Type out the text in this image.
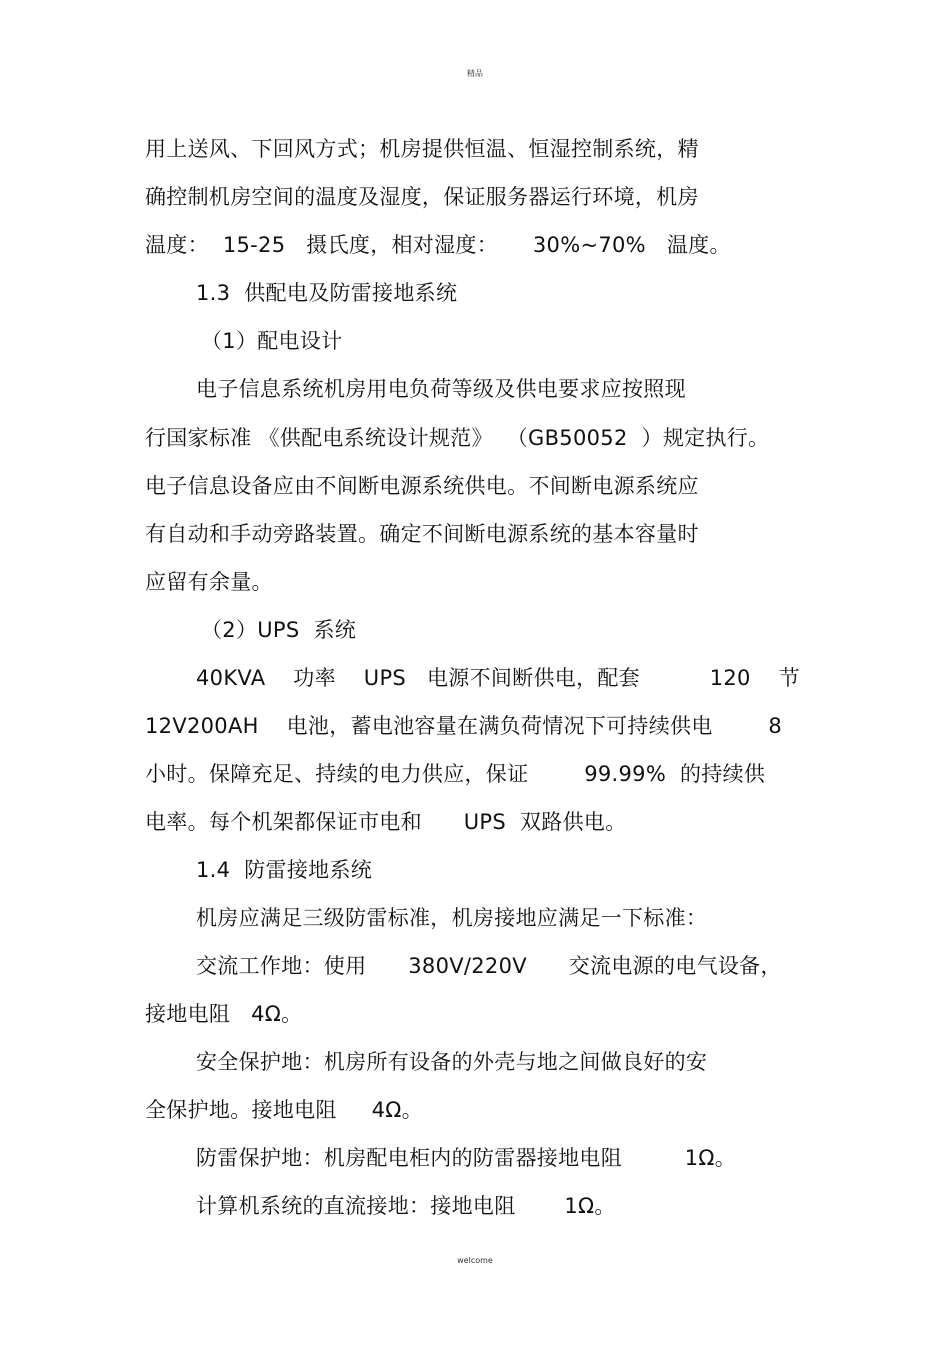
精品
用上送风、下回风方式；机房提供恒温、恒湿控制系统，精
确控制机房空间的温度及湿度，保证服务器运行环境，机房
温度：  15-25   摄氏度，相对湿度：     30%~70%   温度。
1.3  供配电及防雷接地系统
（1）配电设计
电子信息系统机房用电负荷等级及供电要求应按照现
行国家标准 《供配电系统设计规范》  （GB50052  ）规定执行。
电子信息设备应由不间断电源系统供电。不间断电源系统应
有自动和手动旁路装置。确定不间断电源系统的基本容量时
应留有余量。
（2）UPS  系统
40KVA    功率    UPS   电源不间断供电，配套          120    节
12V200AH    电池，蓄电池容量在满负荷情况下可持续供电        8
小时。保障充足、持续的电力供应，保证        99.99%  的持续供
电率。每个机架都保证市电和      UPS  双路供电。
1.4  防雷接地系统
机房应满足三级防雷标准，机房接地应满足一下标准：
交流工作地：使用      380V/220V      交流电源的电气设备，
接地电阻   4Ω。
安全保护地：机房所有设备的外壳与地之间做良好的安
全保护地。接地电阻     4Ω。
防雷保护地：机房配电柜内的防雷器接地电阻         1Ω。
计算机系统的直流接地：接地电阻       1Ω。
welcome
